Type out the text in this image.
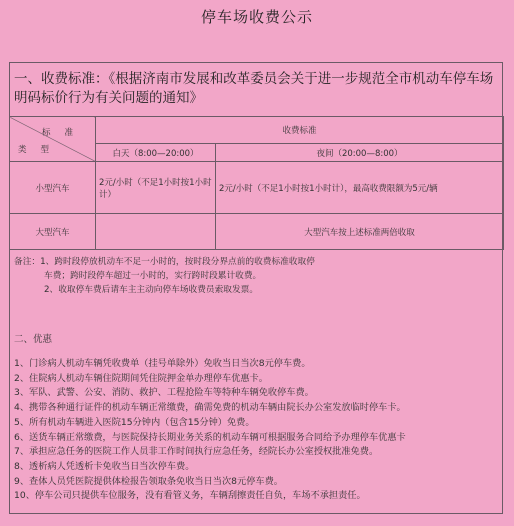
停车场收费公示
一、收费标准：《根据济南市发展和改革委员会关于进一步规范全市机动车停车场明码标价行为有关问题的通知》
标准
类型	收费标准	
	白天（8:00—20:00）	夜间（20:00—8:00）
小型汽车	2元/小时（不足1小时按1小时计）	2元/小时（不足1小时按1小时计），最高收费限额为5元/辆
大型汽车		大型汽车按上述标准两倍收取
备注：1、跨时段停放机动车不足一小时的，按时段分界点前的收费标准收取停
车费；跨时段停车超过一小时的，实行跨时段累计收费。
2、收取停车费后请车主主动向停车场收费员索取发票。
二、优惠
1、门诊病人机动车辆凭收费单（挂号单除外）免收当日当次8元停车费。
2、住院病人机动车辆住院期间凭住院押金单办理停车优惠卡。
3、军队、武警、公安、消防、救护、工程抢险车等特种车辆免收停车费。
4、携带各种通行证件的机动车辆正常缴费，确需免费的机动车辆由院长办公室发放临时停车卡。
5、所有机动车辆进入医院15分钟内（包含15分钟）免费。
6、送货车辆正常缴费，与医院保持长期业务关系的机动车辆可根据服务合同给予办理停车优惠卡
7、承担应急任务的医院工作人员非工作时间执行应急任务，经院长办公室授权批准免费。
8、透析病人凭透析卡免收当日当次停车费。
9、查体人员凭医院提供体检报告领取条免收当日当次8元停车费。
10、停车公司只提供车位服务，没有看管义务，车辆刮擦责任自负，车场不承担责任。
